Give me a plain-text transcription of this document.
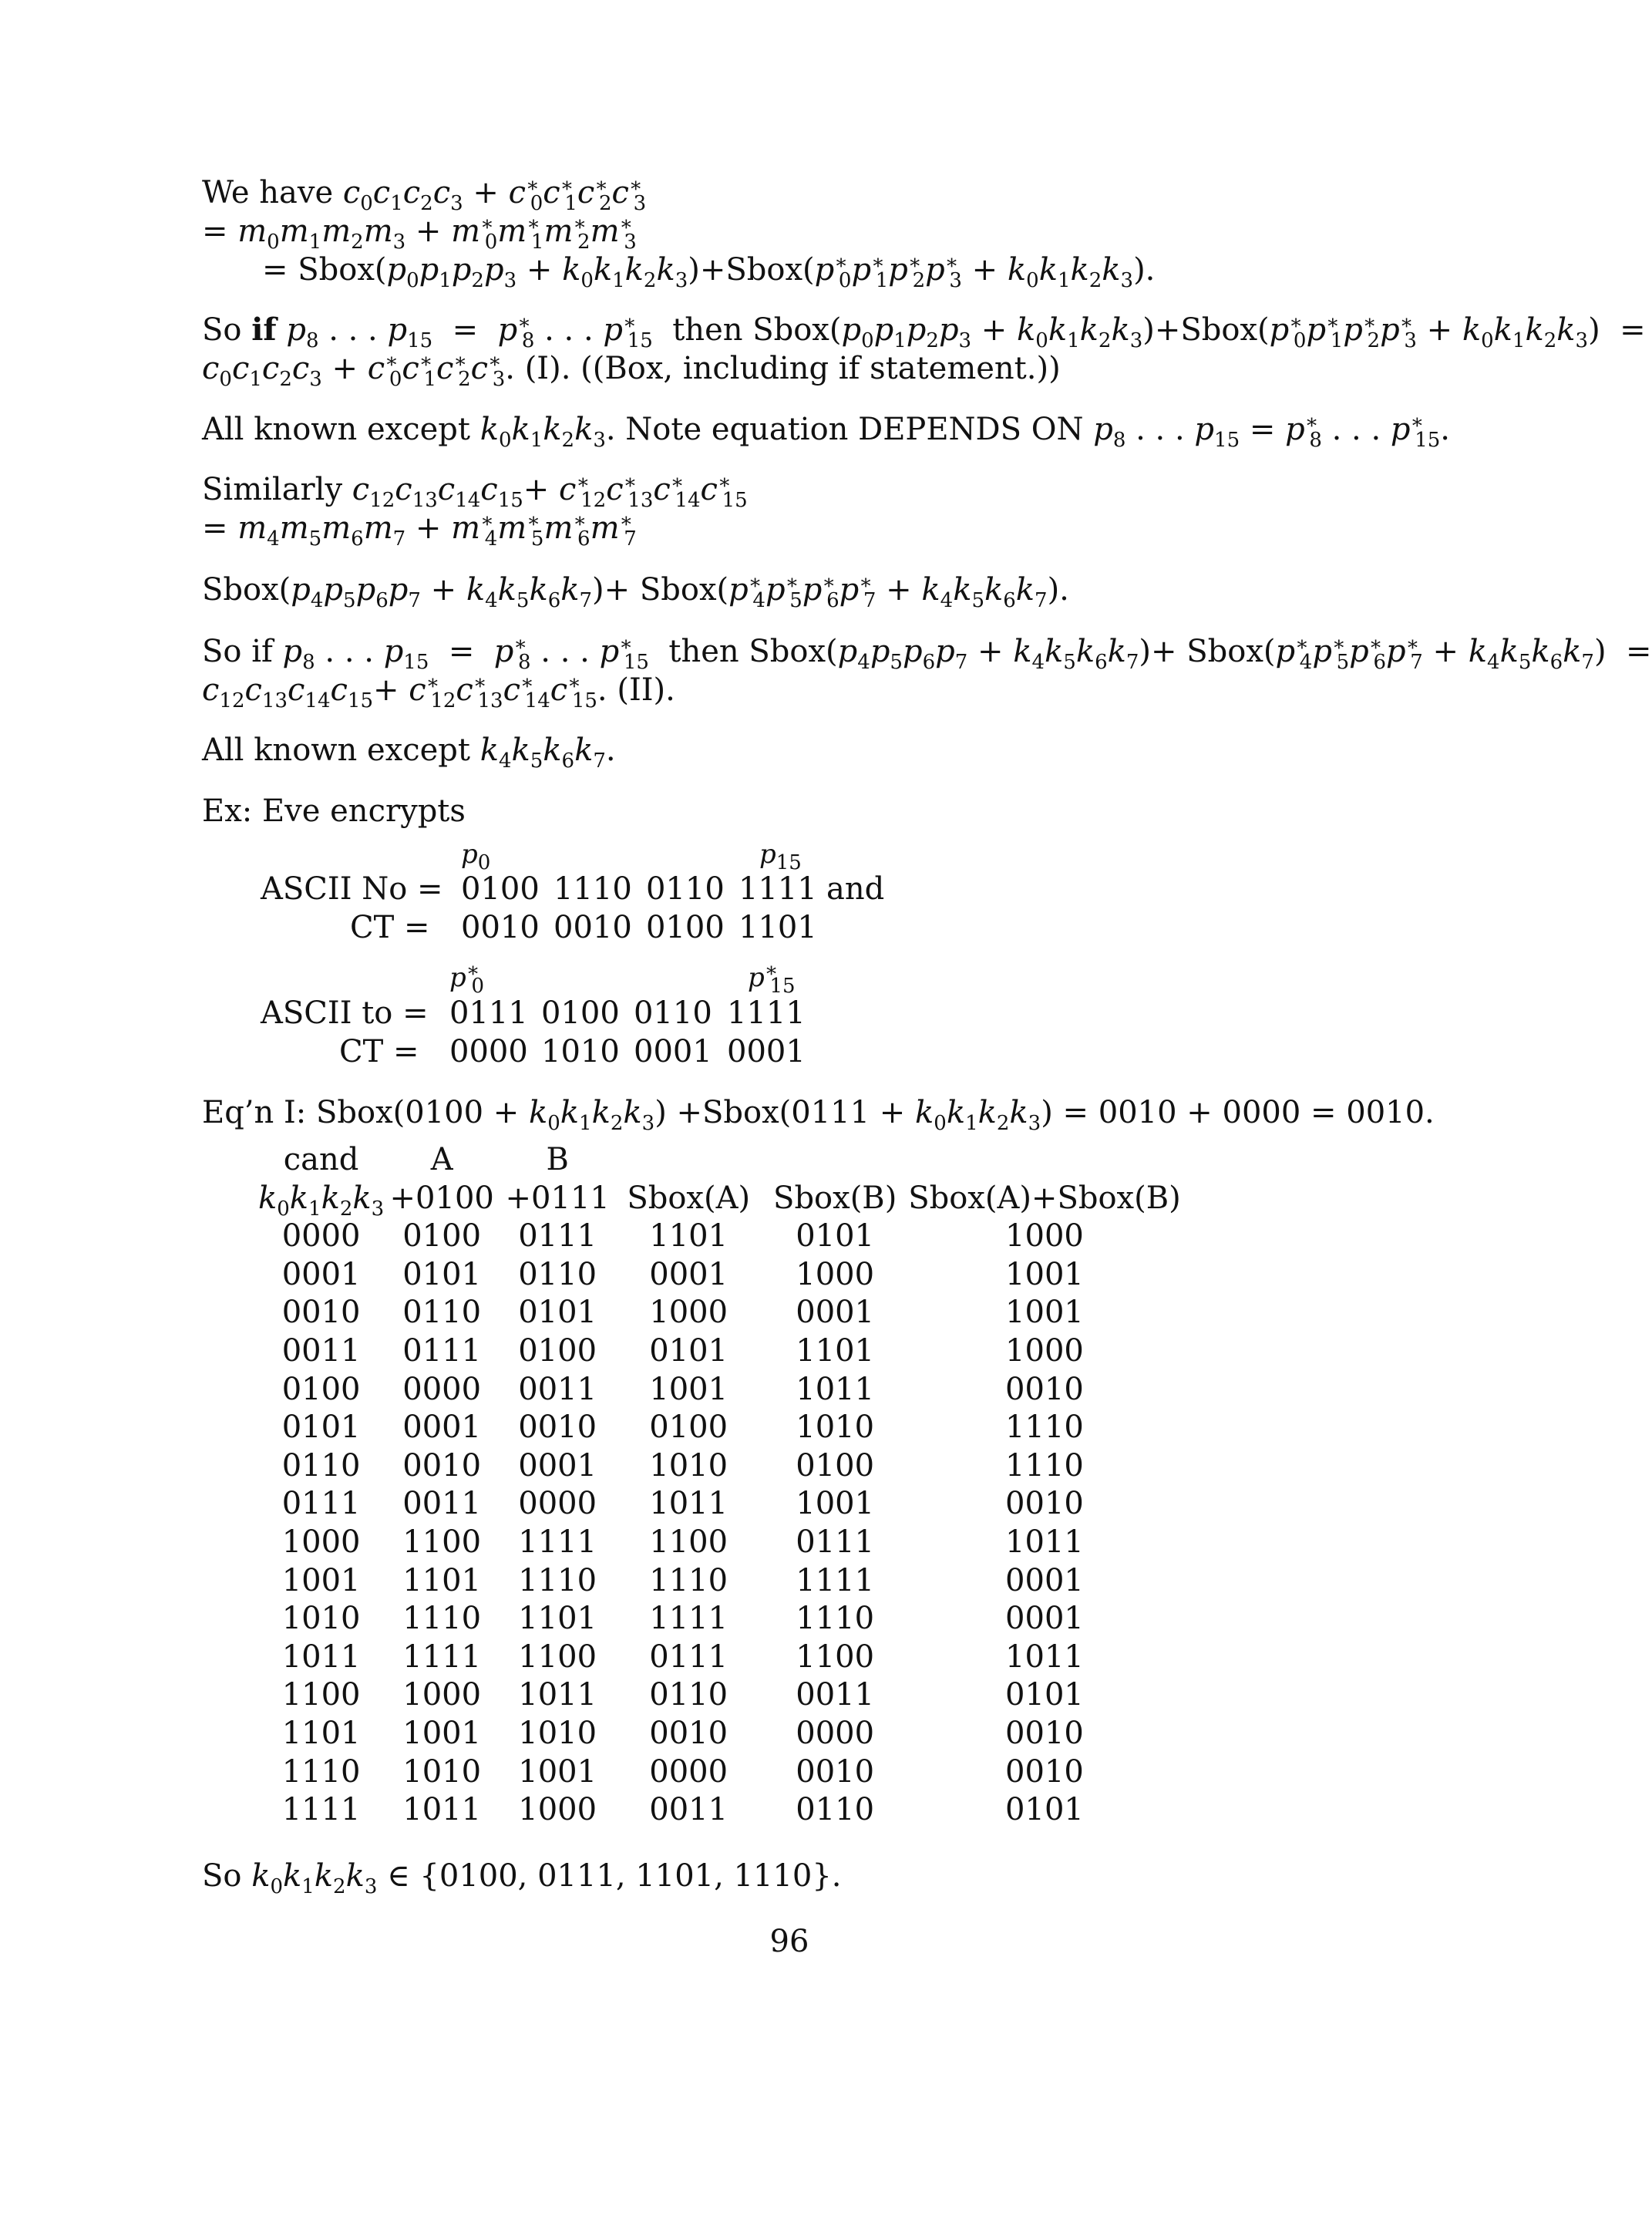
We have $c_0c_1c_2c_3 + c^∗_0c^∗_1c^∗_2c^∗_3$
= $m_0m_1m_2m_3 + m^∗_0m^∗_1m^∗_2m^∗_3$
= $Sbox(p_0p_1p_2p_3$ + $k_0k_1k_2k_3)+Sbox(p^∗_0p^∗_1p^∗_2p^∗_3 + k_0k_1k_2k_3)$.
So if $p_8$ . . . $p_{15} = p^∗_8$ . . . $p^∗_{15}$  then $Sbox(p_0p_1p_2p_3$ + $k_0k_1k_2k_3)+Sbox(p^∗_0p^∗_1p^∗_2p^∗_3 + k_0k_1k_2k_3)$  =
$c_0c_1c_2c_3 + c^∗_0c^∗_1c^∗_2c^∗_3$. (I). ((Box, including if statement.))
All known except $k_0k_1k_2k_3$. Note equation DEPENDS ON $p_8$ . . . $p_{15} = p^∗_8$ . . . $p^∗_{15}$.
Similarly $c_{12}c_{13}c_{14}c_{15}+ c^∗_{12}c^∗_{13}c^∗_{14}c^∗_{15}$
= $m_4m_5m_6m_7 + m^∗_4m^∗_5m^∗_6m^∗_7$
$Sbox(p_4p_5p_6p_7 + k_4k_5k_6k_7)+$ $Sbox(p^∗_4p^∗_5p^∗_6p^∗_7 + k_4k_5k_6k_7)$.
So if $p_8$ . . . $p_{15} = p^∗_8$ . . . $p^∗_{15}$  then $Sbox(p_4p_5p_6p_7 + k_4k_5k_6k_7)+$ $Sbox(p^∗_4p^∗_5p^∗_6p^∗_7 + k_4k_5k_6k_7)$  =
$c_{12}c_{13}c_{14}c_{15}+ c^∗_{12}c^∗_{13}c^∗_{14}c^∗_{15}$. (II).
All known except $k_4k_5k_6k_7$.
Ex: Eve encrypts
$p_0$	$p_{15}$
ASCII No = 0100 1110 0110 1111 and
CT = 0010 0010 0100 1101
$p^∗_0$	$p^∗_{15}$
ASCII to = 0111 0100 0110 1111
CT = 0000 1010 0001 0001
Eq’n I: Sbox(0100 + $k_0k_1k_2k_3$) +Sbox(0111 + $k_0k_1k_2k_3) = 0010 + 0000 = 0010$.
cand	A	B			
$k_0k_1k_2k_3$	+0100	+0111	Sbox(A)	Sbox(B)	Sbox(A)+Sbox(B)
0000	0100	0111	1101	0101	1000
0001	0101	0110	0001	1000	1001
0010	0110	0101	1000	0001	1001
0011	0111	0100	0101	1101	1000
0100	0000	0011	1001	1011	0010
0101	0001	0010	0100	1010	1110
0110	0010	0001	1010	0100	1110
0111	0011	0000	1011	1001	0010
1000	1100	1111	1100	0111	1011
1001	1101	1110	1110	1111	0001
1010	1110	1101	1111	1110	0001
1011	1111	1100	0111	1100	1011
1100	1000	1011	0110	0011	0101
1101	1001	1010	0010	0000	0010
1110	1010	1001	0000	0010	0010
1111	1011	1000	0011	0110	0101
So $k_0k_1k_2k_3$ ∈ {0100, 0111, 1101, 1110}.
96
